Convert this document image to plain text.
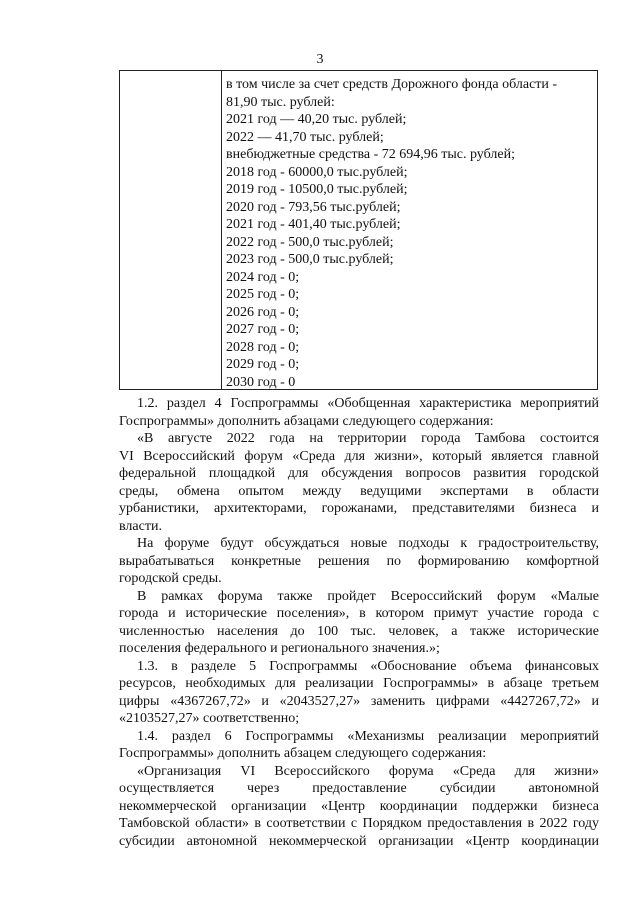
3
в том числе за счет средств Дорожного фонда области -
81,90 тыс. рублей:
2021 год — 40,20 тыс. рублей;
2022 — 41,70 тыс. рублей;
внебюджетные средства - 72 694,96 тыс. рублей;
2018 год - 60000,0 тыс.рублей;
2019 год - 10500,0 тыс.рублей;
2020 год - 793,56 тыс.рублей;
2021 год - 401,40 тыс.рублей;
2022 год - 500,0 тыс.рублей;
2023 год - 500,0 тыс.рублей;
2024 год - 0;
2025 год - 0;
2026 год - 0;
2027 год - 0;
2028 год - 0;
2029 год - 0;
2030 год - 0

1.2. раздел 4 Госпрограммы «Обобщенная характеристика мероприятий
Госпрограммы» дополнить абзацами следующего содержания:

«В августе 2022 года на территории города Тамбова состоится
VI Всероссийский форум «Среда для жизни», который является главной
федеральной площадкой для обсуждения вопросов развития городской
среды, обмена опытом между ведущими экспертами в области
урбанистики, архитекторами, горожанами, представителями бизнеса и
власти.

На форуме будут обсуждаться новые подходы к градостроительству,
вырабатываться конкретные решения по формированию комфортной
городской среды.

В рамках форума также пройдет Всероссийский форум «Малые
города и исторические поселения», в котором примут участие города с
численностью населения до 100 тыс. человек, а также исторические
поселения федерального и регионального значения.»;

1.3. в разделе 5 Госпрограммы «Обоснование объема финансовых
ресурсов, необходимых для реализации Госпрограммы» в абзаце третьем
цифры «4367267,72» и «2043527,27» заменить цифрами «4427267,72» и
«2103527,27» соответственно;

1.4. раздел 6 Госпрограммы «Механизмы реализации мероприятий
Госпрограммы» дополнить абзацем следующего содержания:

«Организация VI Всероссийского форума «Среда для жизни»
осуществляется через предоставление субсидии автономной
некоммерческой организации «Центр координации поддержки бизнеса
Тамбовской области» в соответствии с Порядком предоставления в 2022 году
субсидии автономной некоммерческой организации «Центр координации
